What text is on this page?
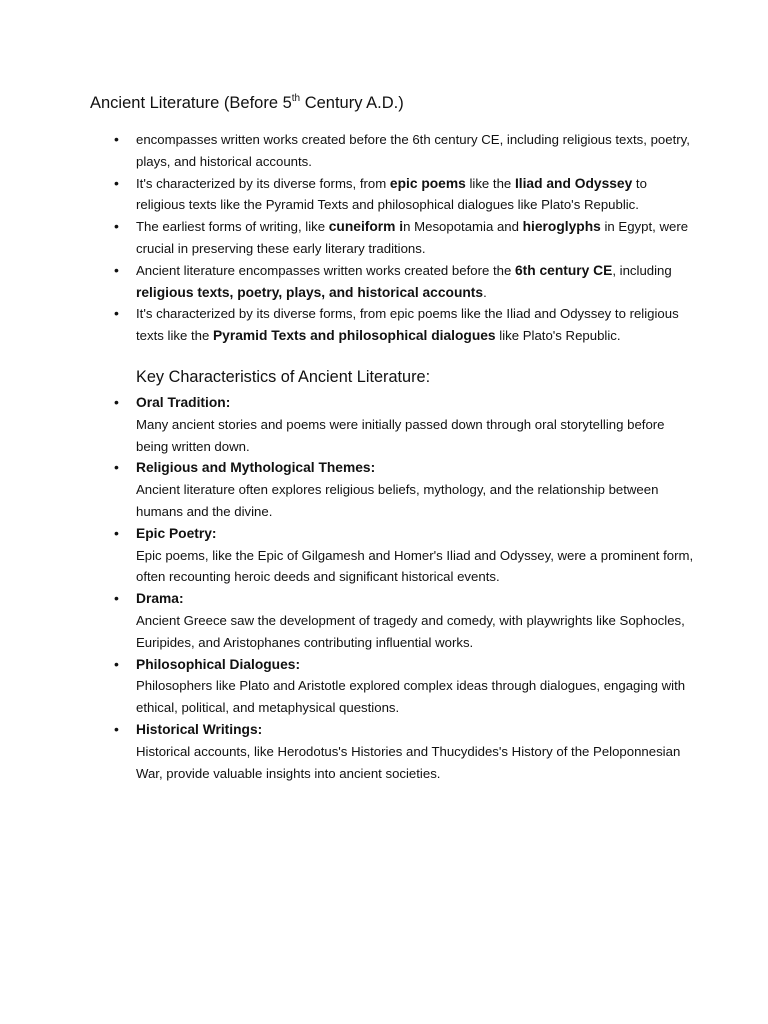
Ancient Literature (Before 5th Century A.D.)
• encompasses written works created before the 6th century CE, including religious texts, poetry, plays, and historical accounts.
• It's characterized by its diverse forms, from epic poems like the Iliad and Odyssey to religious texts like the Pyramid Texts and philosophical dialogues like Plato's Republic.
• The earliest forms of writing, like cuneiform in Mesopotamia and hieroglyphs in Egypt, were crucial in preserving these early literary traditions.
• Ancient literature encompasses written works created before the 6th century CE, including religious texts, poetry, plays, and historical accounts.
• It's characterized by its diverse forms, from epic poems like the Iliad and Odyssey to religious texts like the Pyramid Texts and philosophical dialogues like Plato's Republic.
Key Characteristics of Ancient Literature:
• Oral Tradition:
Many ancient stories and poems were initially passed down through oral storytelling before being written down.
• Religious and Mythological Themes:
Ancient literature often explores religious beliefs, mythology, and the relationship between humans and the divine.
• Epic Poetry:
Epic poems, like the Epic of Gilgamesh and Homer's Iliad and Odyssey, were a prominent form, often recounting heroic deeds and significant historical events.
• Drama:
Ancient Greece saw the development of tragedy and comedy, with playwrights like Sophocles, Euripides, and Aristophanes contributing influential works.
• Philosophical Dialogues:
Philosophers like Plato and Aristotle explored complex ideas through dialogues, engaging with ethical, political, and metaphysical questions.
• Historical Writings:
Historical accounts, like Herodotus's Histories and Thucydides's History of the Peloponnesian War, provide valuable insights into ancient societies.
